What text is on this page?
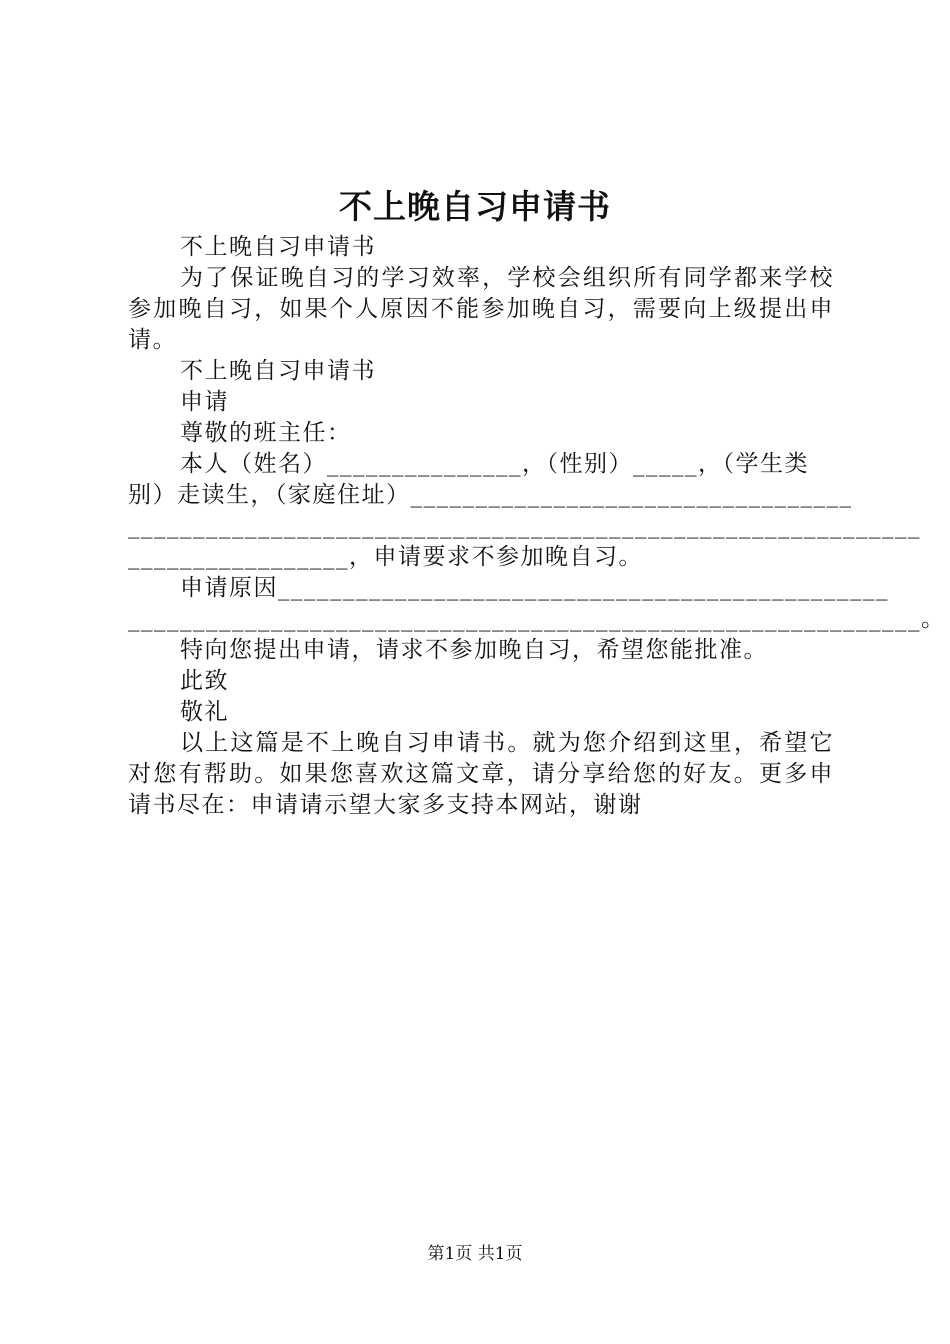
不上晚自习申请书
不上晚自习申请书
为了保证晚自习的学习效率，学校会组织所有同学都来学校参加晚自习，如果个人原因不能参加晚自习，需要向上级提出申请。
不上晚自习申请书
申请
尊敬的班主任：
本人（姓名）_______________，（性别）_____，（学生类
别）走读生，（家庭住址）__________________________________
_____________________________________________________________
_________________，申请要求不参加晚自习。
申请原因_______________________________________________
_____________________________________________________________。
特向您提出申请，请求不参加晚自习，希望您能批准。
此致
敬礼
以上这篇是不上晚自习申请书。就为您介绍到这里，希望它对您有帮助。如果您喜欢这篇文章，请分享给您的好友。更多申请书尽在：申请请示望大家多支持本网站，谢谢
第1页 共1页
